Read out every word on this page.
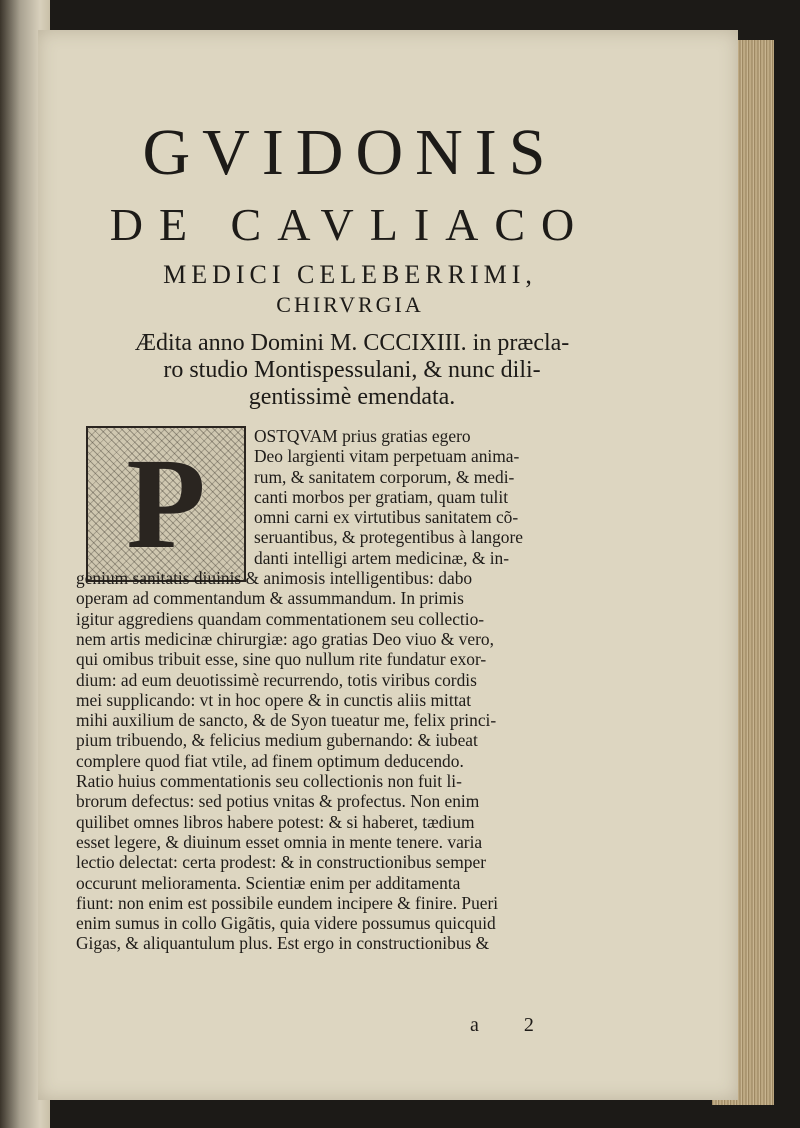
GVIDONIS
DE CAVLIACO
MEDICI CELEBERRIMI,
CHIRVRGIA
Ædita anno Domini M. CCCIXIII. in præcla-
ro studio Montispessulani, & nunc dili-
gentissimè emendata.
P	OSTQVAM prius gratias egero
Deo largienti vitam perpetuam anima-
rum, & sanitatem corporum, & medi-
canti morbos per gratiam, quam tulit
omni carni ex virtutibus sanitatem cõ-
seruantibus, & protegentibus à langore
danti intelligi artem medicinæ, & in-
genium sanitatis diuinis & animosis intelligentibus: dabo
operam ad commentandum & assummandum. In primis
igitur aggrediens quandam commentationem seu collectio-
nem artis medicinæ chirurgiæ: ago gratias Deo viuo & vero,
qui omibus tribuit esse, sine quo nullum rite fundatur exor-
dium: ad eum deuotissimè recurrendo, totis viribus cordis
mei supplicando: vt in hoc opere & in cunctis aliis mittat
mihi auxilium de sancto, & de Syon tueatur me, felix princi-
pium tribuendo, & felicius medium gubernando: & iubeat
complere quod fiat vtile, ad finem optimum deducendo.
Ratio huius commentationis seu collectionis non fuit li-
brorum defectus: sed potius vnitas & profectus. Non enim
quilibet omnes libros habere potest: & si haberet, tædium
esset legere, & diuinum esset omnia in mente tenere. varia
lectio delectat: certa prodest: & in constructionibus semper
occurunt melioramenta. Scientiæ enim per additamenta
fiunt: non enim est possibile eundem incipere & finire. Pueri
enim sumus in collo Gigãtis, quia videre possumus quicquid
Gigas, & aliquantulum plus. Est ergo in constructionibus &
a 2
